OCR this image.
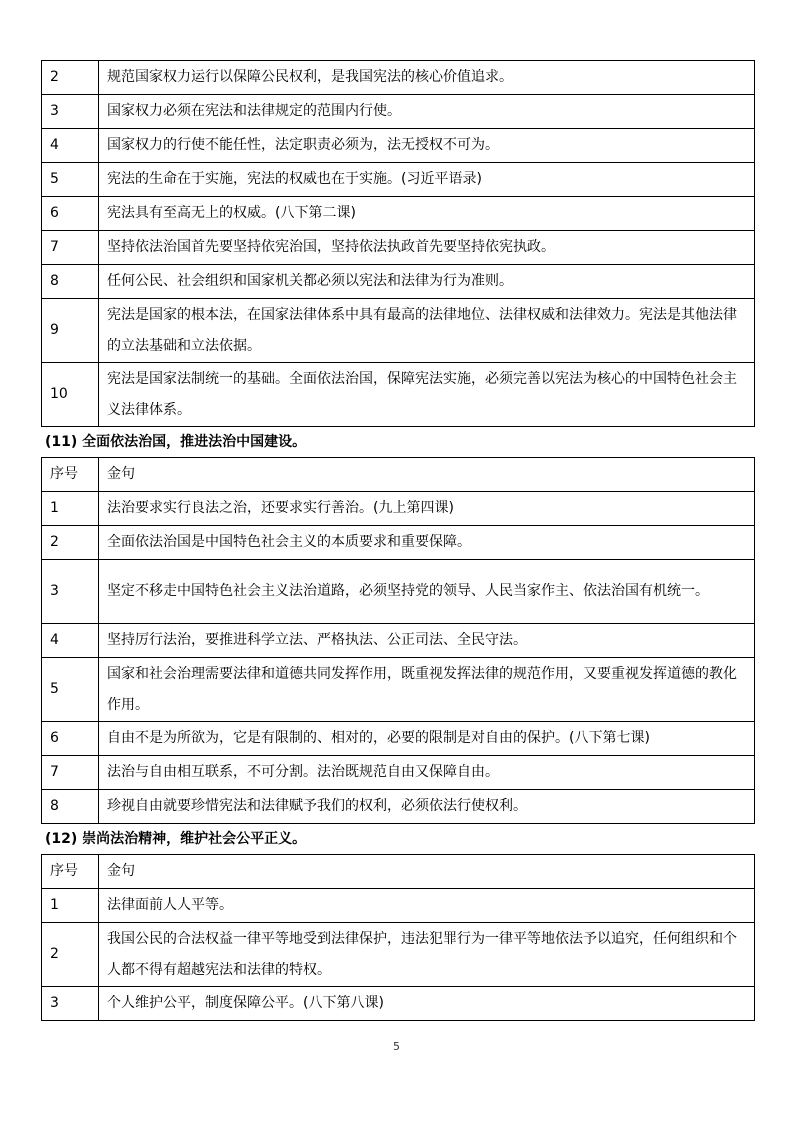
2	规范国家权力运行以保障公民权利，是我国宪法的核心价值追求。
3	国家权力必须在宪法和法律规定的范围内行使。
4	国家权力的行使不能任性，法定职责必须为，法无授权不可为。
5	宪法的生命在于实施，宪法的权威也在于实施。(习近平语录)
6	宪法具有至高无上的权威。(八下第二课)
7	坚持依法治国首先要坚持依宪治国，坚持依法执政首先要坚持依宪执政。
8	任何公民、社会组织和国家机关都必须以宪法和法律为行为准则。
9	宪法是国家的根本法，在国家法律体系中具有最高的法律地位、法律权威和法律效力。宪法是其他法律的立法基础和立法依据。
10	宪法是国家法制统一的基础。全面依法治国，保障宪法实施，必须完善以宪法为核心的中国特色社会主义法律体系。
(11) 全面依法治国，推进法治中国建设。
序号	金句
1	法治要求实行良法之治，还要求实行善治。(九上第四课)
2	全面依法治国是中国特色社会主义的本质要求和重要保障。
3	坚定不移走中国特色社会主义法治道路，必须坚持党的领导、人民当家作主、依法治国有机统一。
4	坚持厉行法治，要推进科学立法、严格执法、公正司法、全民守法。
5	国家和社会治理需要法律和道德共同发挥作用，既重视发挥法律的规范作用，又要重视发挥道德的教化作用。
6	自由不是为所欲为，它是有限制的、相对的，必要的限制是对自由的保护。(八下第七课)
7	法治与自由相互联系，不可分割。法治既规范自由又保障自由。
8	珍视自由就要珍惜宪法和法律赋予我们的权利，必须依法行使权利。
(12) 崇尚法治精神，维护社会公平正义。
序号	金句
1	法律面前人人平等。
2	我国公民的合法权益一律平等地受到法律保护，违法犯罪行为一律平等地依法予以追究，任何组织和个人都不得有超越宪法和法律的特权。
3	个人维护公平，制度保障公平。(八下第八课)
5
